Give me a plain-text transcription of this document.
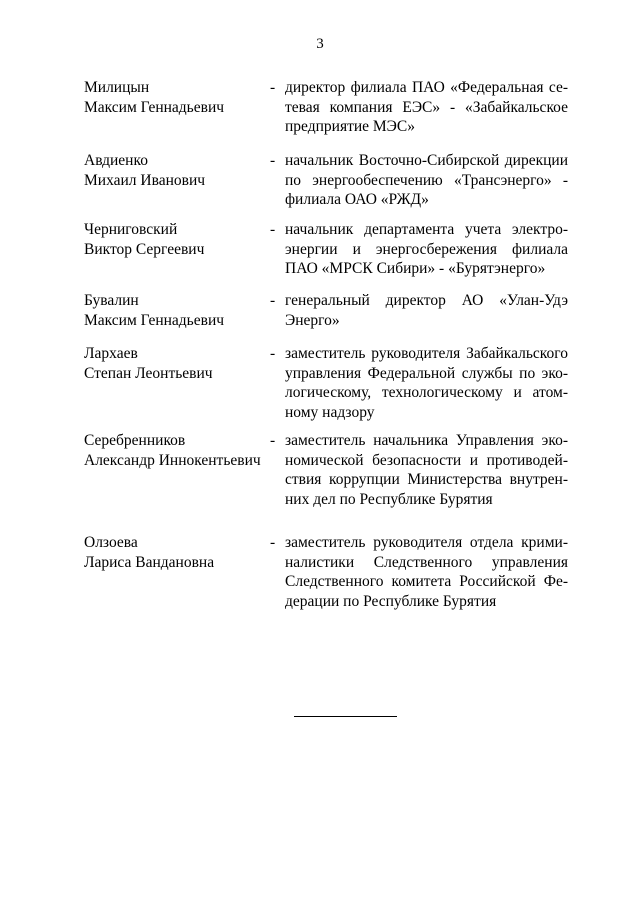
3
Милицын
Максим Геннадьевич
- директор филиала ПАО «Федеральная се-
тевая компания ЕЭС» - «Забайкальское
предприятие МЭС»
Авдиенко
Михаил Иванович
- начальник Восточно-Сибирской дирекции
по энергообеспечению «Трансэнерго» -
филиала ОАО «РЖД»
Черниговский
Виктор Сергеевич
- начальник департамента учета электро-
энергии и энергосбережения филиала
ПАО «МРСК Сибири» - «Бурятэнерго»
Бувалин
Максим Геннадьевич
- генеральный директор АО «Улан-Удэ
Энерго»
Лархаев
Степан Леонтьевич
- заместитель руководителя Забайкальского
управления Федеральной службы по эко-
логическому, технологическому и атом-
ному надзору
Серебренников
Александр Иннокентьевич
- заместитель начальника Управления эко-
номической безопасности и противодей-
ствия коррупции Министерства внутрен-
них дел по Республике Бурятия
Олзоева
Лариса Вандановна
- заместитель руководителя отдела крими-
налистики Следственного управления
Следственного комитета Российской Фе-
дерации по Республике Бурятия
